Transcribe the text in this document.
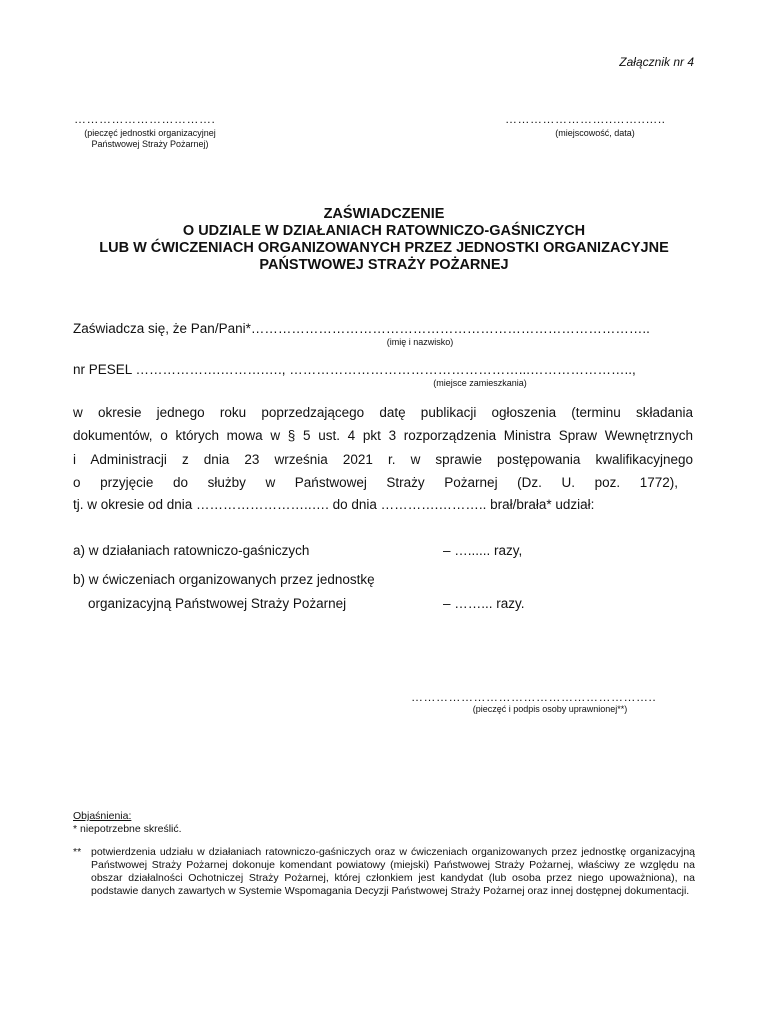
Załącznik nr 4
…………………………….
(pieczęć jednostki organizacyjnej
Państwowej Straży Pożarnej)
……………………..……..…..
(miejscowość, data)
ZAŚWIADCZENIE
O UDZIALE W DZIAŁANIACH RATOWNICZO-GAŚNICZYCH
LUB W ĆWICZENIACH ORGANIZOWANYCH PRZEZ JEDNOSTKI ORGANIZACYJNE
PAŃSTWOWEJ STRAŻY POŻARNEJ
Zaświadcza się, że Pan/Pani*……………………………………………………………………………..
(imię i nazwisko)
nr PESEL ……………….……….…., ……………………………………………...…………………..,
(miejsce zamieszkania)
w okresie jednego roku poprzedzającego datę publikacji ogłoszenia (terminu składania
dokumentów, o których mowa w § 5 ust. 4 pkt 3 rozporządzenia Ministra Spraw Wewnętrznych
i Administracji z dnia 23 września 2021 r. w sprawie postępowania kwalifikacyjnego
o przyjęcie do służby w Państwowej Straży Pożarnej (Dz. U. poz. 1772),
tj. w okresie od dnia ……………………..…. do dnia ………….……….. brał/brała* udział:
a) w działaniach ratowniczo-gaśniczych	– …...... razy,
b) w ćwiczeniach organizowanych przez jednostkę
organizacyjną Państwowej Straży Pożarnej	– ……... razy.
…………………………………………………..
(pieczęć i podpis osoby uprawnionej**)
Objaśnienia:
* niepotrzebne skreślić.
** potwierdzenia udziału w działaniach ratowniczo-gaśniczych oraz w ćwiczeniach organizowanych przez jednostkę organizacyjną Państwowej Straży Pożarnej dokonuje komendant powiatowy (miejski) Państwowej Straży Pożarnej, właściwy ze względu na obszar działalności Ochotniczej Straży Pożarnej, której członkiem jest kandydat (lub osoba przez niego upoważniona), na podstawie danych zawartych w Systemie Wspomagania Decyzji Państwowej Straży Pożarnej oraz innej dostępnej dokumentacji.
